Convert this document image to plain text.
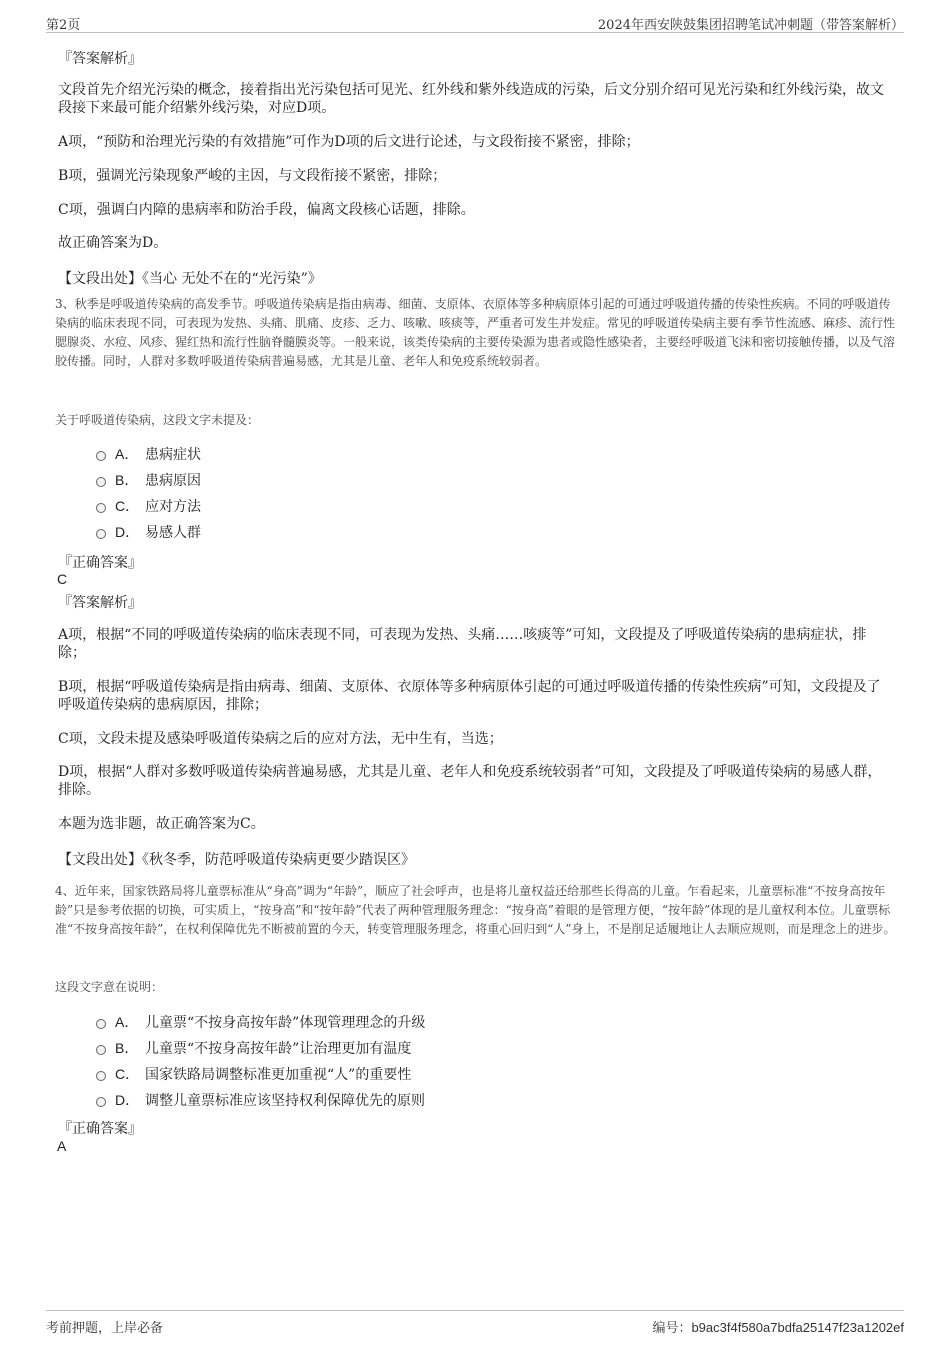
第2页	2024年西安陕鼓集团招聘笔试冲刺题（带答案解析）
『答案解析』
文段首先介绍光污染的概念，接着指出光污染包括可见光、红外线和紫外线造成的污染，后文分别介绍可见光污染和红外线污染，故文段接下来最可能介绍紫外线污染，对应D项。
A项，“预防和治理光污染的有效措施”可作为D项的后文进行论述，与文段衔接不紧密，排除；
B项，强调光污染现象严峻的主因，与文段衔接不紧密，排除；
C项，强调白内障的患病率和防治手段，偏离文段核心话题，排除。
故正确答案为D。
【文段出处】《当心 无处不在的“光污染”》
3、秋季是呼吸道传染病的高发季节。呼吸道传染病是指由病毒、细菌、支原体、衣原体等多种病原体引起的可通过呼吸道传播的传染性疾病。不同的呼吸道传染病的临床表现不同，可表现为发热、头痛、肌痛、皮疹、乏力、咳嗽、咳痰等，严重者可发生并发症。常见的呼吸道传染病主要有季节性流感、麻疹、流行性腮腺炎、水痘、风疹、猩红热和流行性脑脊髓膜炎等。一般来说，该类传染病的主要传染源为患者或隐性感染者，主要经呼吸道飞沫和密切接触传播，以及气溶胶传播。同时，人群对多数呼吸道传染病普遍易感，尤其是儿童、老年人和免疫系统较弱者。
关于呼吸道传染病，这段文字未提及：
A． 患病症状
B． 患病原因
C． 应对方法
D． 易感人群
『正确答案』
C
『答案解析』
A项，根据“不同的呼吸道传染病的临床表现不同，可表现为发热、头痛……咳痰等”可知，文段提及了呼吸道传染病的患病症状，排除；
B项，根据“呼吸道传染病是指由病毒、细菌、支原体、衣原体等多种病原体引起的可通过呼吸道传播的传染性疾病”可知，文段提及了呼吸道传染病的患病原因，排除；
C项，文段未提及感染呼吸道传染病之后的应对方法，无中生有，当选；
D项，根据“人群对多数呼吸道传染病普遍易感，尤其是儿童、老年人和免疫系统较弱者”可知，文段提及了呼吸道传染病的易感人群，排除。
本题为选非题，故正确答案为C。
【文段出处】《秋冬季，防范呼吸道传染病更要少踏误区》
4、近年来，国家铁路局将儿童票标准从“身高”调为“年龄”，顺应了社会呼声，也是将儿童权益还给那些长得高的儿童。乍看起来，儿童票标准“不按身高按年龄”只是参考依据的切换，可实质上，“按身高”和“按年龄”代表了两种管理服务理念：“按身高”着眼的是管理方便，“按年龄”体现的是儿童权利本位。儿童票标准“不按身高按年龄”，在权利保障优先不断被前置的今天，转变管理服务理念，将重心回归到“人”身上，不是削足适履地让人去顺应规则，而是理念上的进步。
这段文字意在说明：
A． 儿童票“不按身高按年龄”体现管理理念的升级
B． 儿童票“不按身高按年龄”让治理更加有温度
C． 国家铁路局调整标准更加重视“人”的重要性
D． 调整儿童票标准应该坚持权利保障优先的原则
『正确答案』
A
考前押题，上岸必备	编号：b9ac3f4f580a7bdfa25147f23a1202ef
